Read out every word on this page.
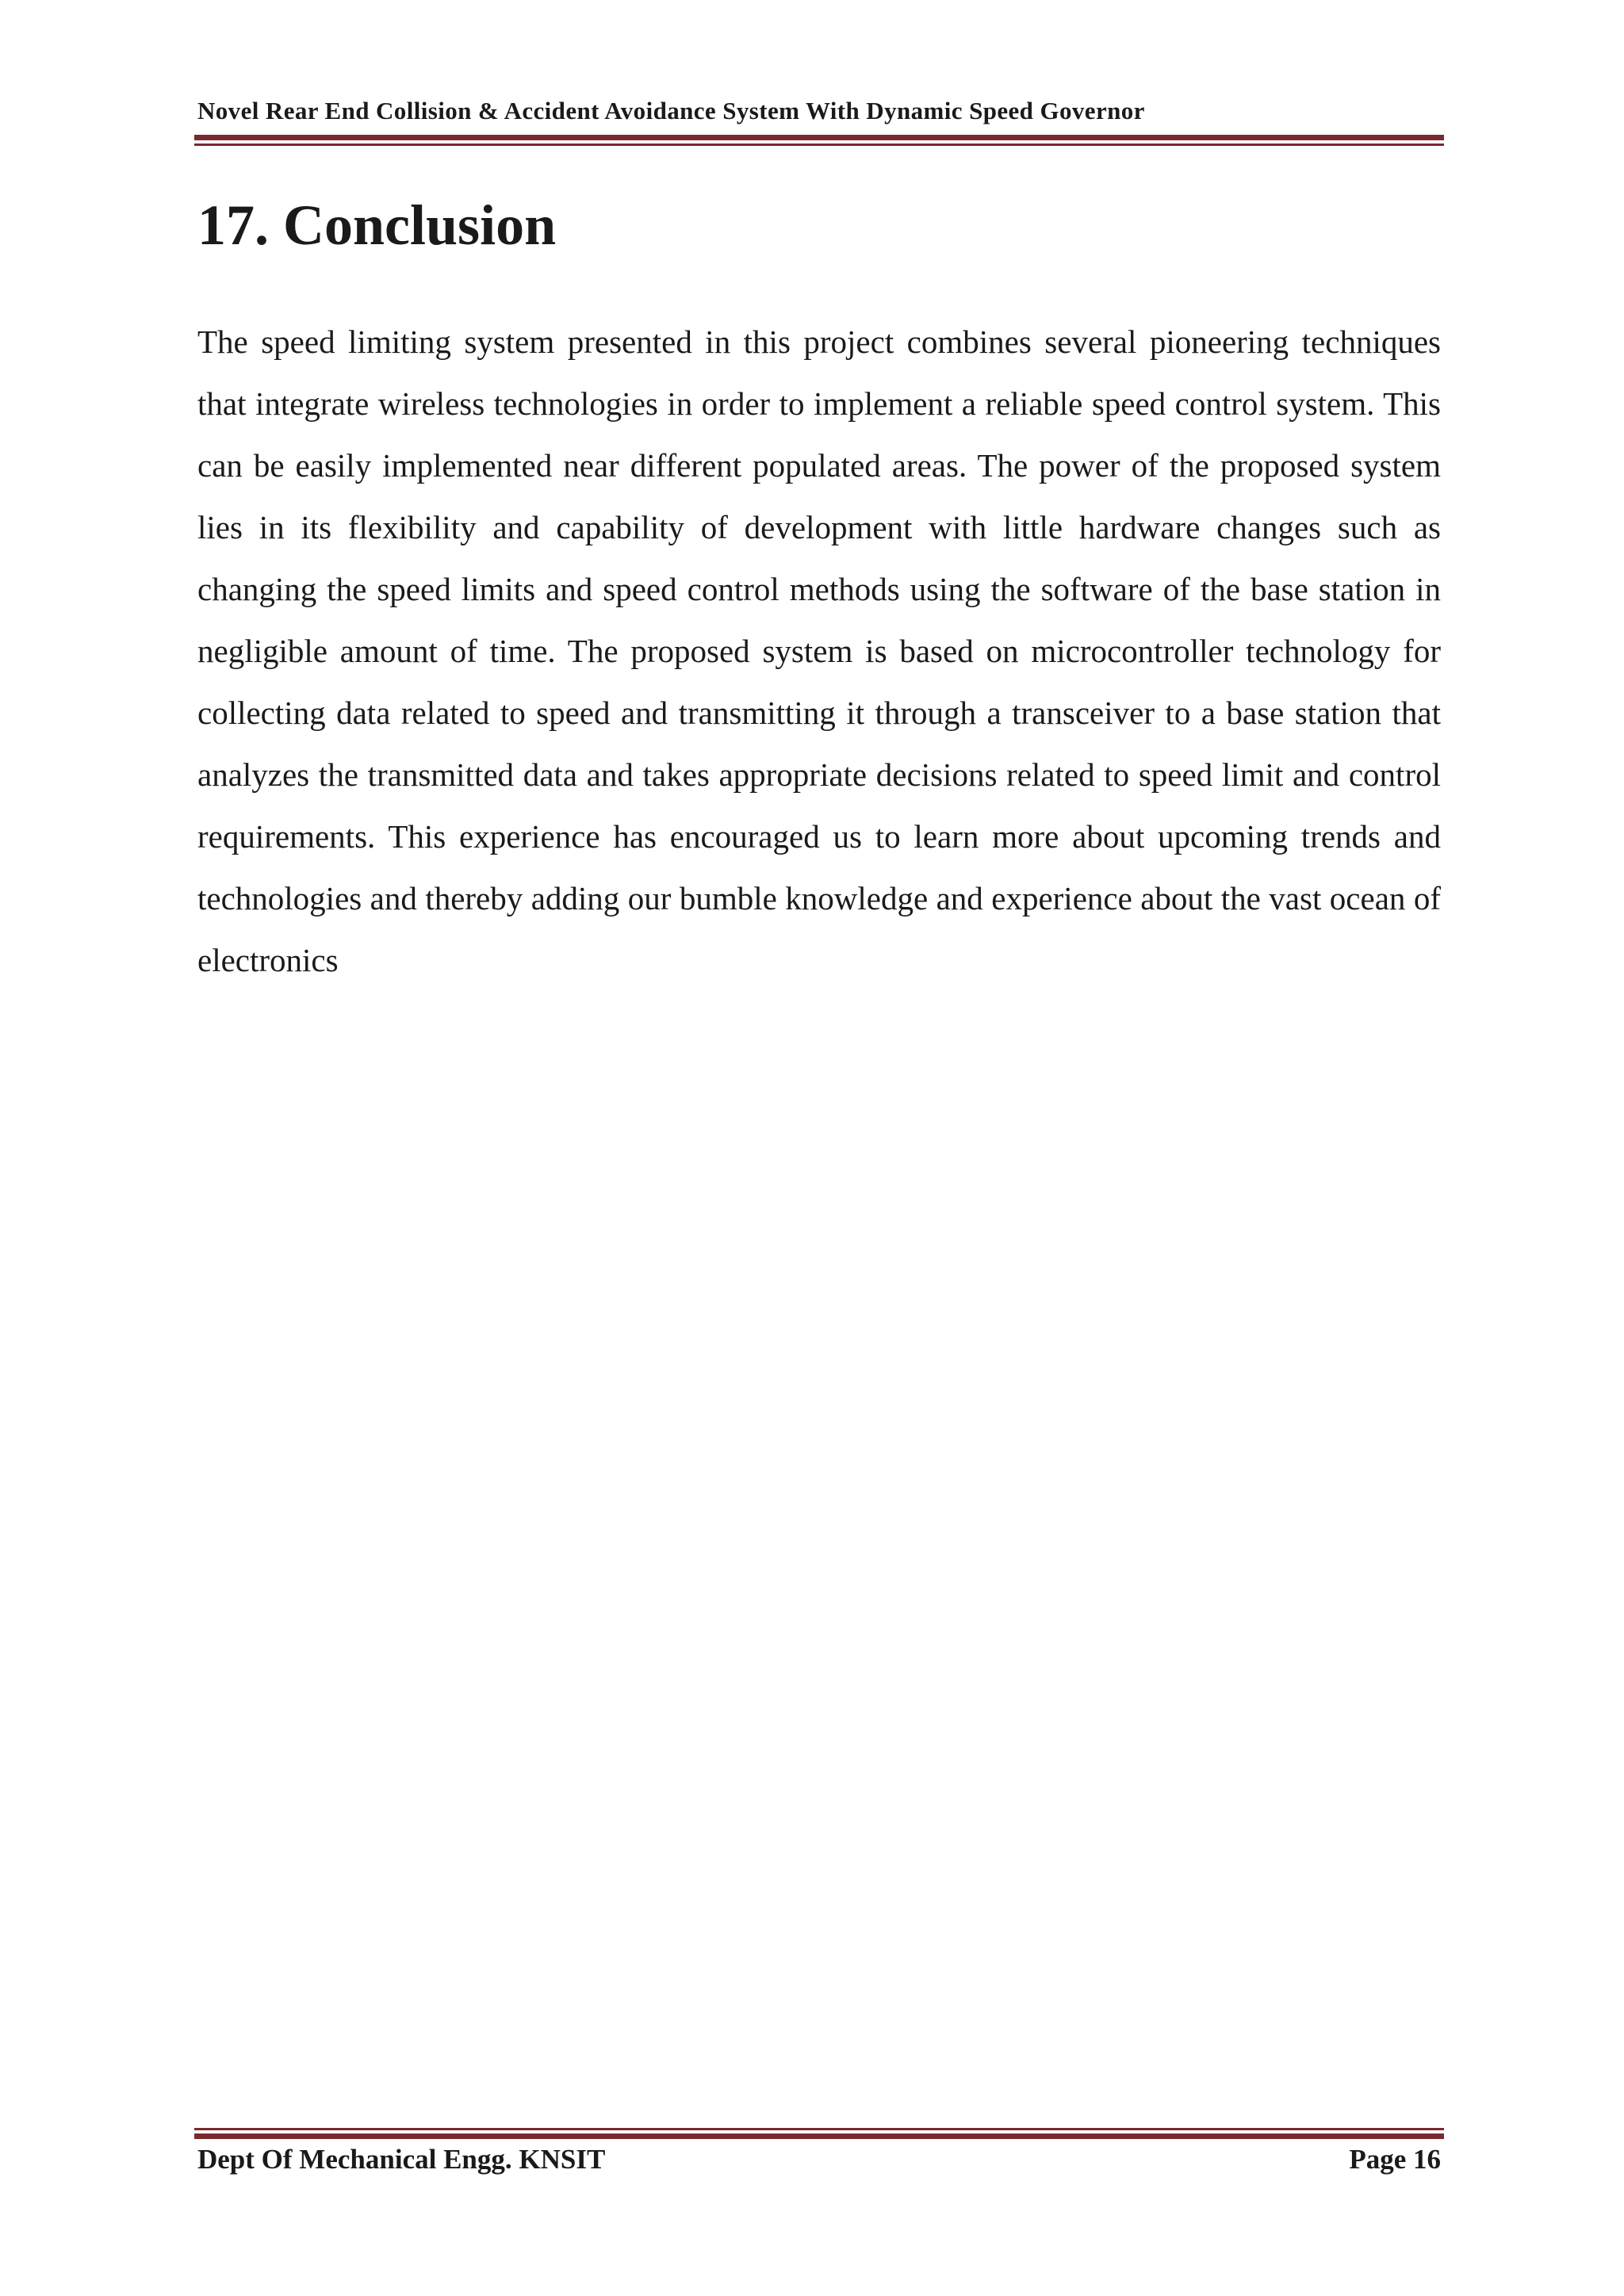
Novel Rear End Collision & Accident Avoidance System With Dynamic Speed Governor
17. Conclusion

The speed limiting system presented in this project combines several pioneering techniques that integrate wireless technologies in order to implement a reliable speed control system. This can be easily implemented near different populated areas. The power of the proposed system lies in its flexibility and capability of development with little hardware changes such as changing the speed limits and speed control methods using the software of the base station in negligible amount of time. The proposed system is based on microcontroller technology for collecting data related to speed and transmitting it through a transceiver to a base station that analyzes the transmitted data and takes appropriate decisions related to speed limit and control requirements. This experience has encouraged us to learn more about upcoming trends and technologies and thereby adding our bumble knowledge and experience about the vast ocean of electronics

Dept Of Mechanical Engg. KNSIT	Page 16
